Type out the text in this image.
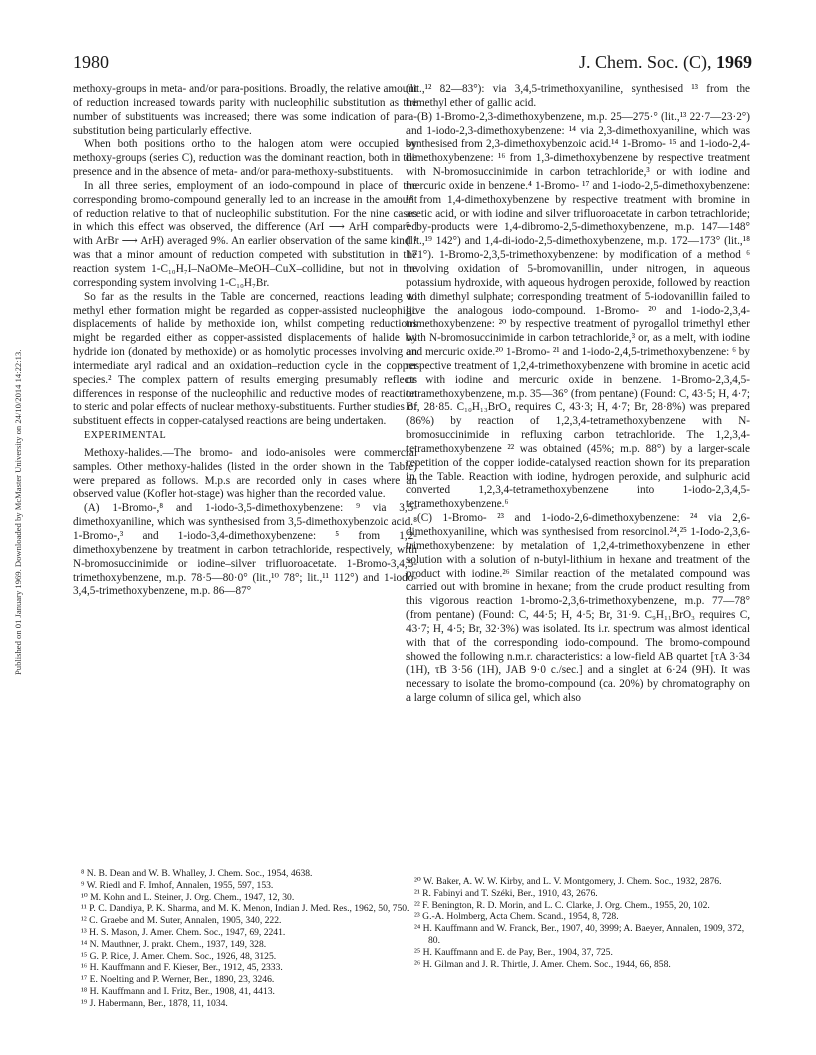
1980	J. Chem. Soc. (C), 1969
Published on 01 January 1969. Downloaded by McMaster University on 24/10/2014 14:22:13.

methoxy-groups in meta- and/or para-positions. Broadly, the relative amount of reduction increased towards parity with nucleophilic substitution as the number of substituents was increased; there was some indication of para-substitution being particularly effective.

When both positions ortho to the halogen atom were occupied by methoxy-groups (series C), reduction was the dominant reaction, both in the presence and in the absence of meta- and/or para-methoxy-substituents.

In all three series, employment of an iodo-compound in place of the corresponding bromo-compound generally led to an increase in the amount of reduction relative to that of nucleophilic substitution. For the nine cases in which this effect was observed, the difference (ArI ⟶ ArH compared with ArBr ⟶ ArH) averaged 9%. An earlier observation of the same kind ¹ was that a minor amount of reduction competed with substitution in the reaction system 1-C₁₀H₇I–NaOMe–MeOH–CuX–collidine, but not in the corresponding system involving 1-C₁₀H₇Br.

So far as the results in the Table are concerned, reactions leading to methyl ether formation might be regarded as copper-assisted nucleophilic displacements of halide by methoxide ion, whilst competing reductions might be regarded either as copper-assisted displacements of halide by hydride ion (donated by methoxide) or as homolytic processes involving an intermediate aryl radical and an oxidation–reduction cycle in the copper species.² The complex pattern of results emerging presumably reflects differences in response of the nucleophilic and reductive modes of reaction to steric and polar effects of nuclear methoxy-substituents. Further studies of substituent effects in copper-catalysed reactions are being undertaken.

EXPERIMENTAL

Methoxy-halides.—The bromo- and iodo-anisoles were commercial samples. Other methoxy-halides (listed in the order shown in the Table) were prepared as follows. M.p.s are recorded only in cases where an observed value (Kofler hot-stage) was higher than the recorded value.

(A) 1-Bromo-,⁸ and 1-iodo-3,5-dimethoxybenzene: ⁹ via 3,5-dimethoxyaniline, which was synthesised from 3,5-dimethoxybenzoic acid.⁸ 1-Bromo-,³ and 1-iodo-3,4-dimethoxybenzene: ⁵ from 1,2-dimethoxybenzene by treatment in carbon tetrachloride, respectively, with N-bromosuccinimide or iodine–silver trifluoroacetate. 1-Bromo-3,4,5-trimethoxybenzene, m.p. 78·5—80·0° (lit.,¹⁰ 78°; lit.,¹¹ 112°) and 1-iodo-3,4,5-trimethoxybenzene, m.p. 86—87°

⁸ N. B. Dean and W. B. Whalley, J. Chem. Soc., 1954, 4638.
⁹ W. Riedl and F. Imhof, Annalen, 1955, 597, 153.
¹⁰ M. Kohn and L. Steiner, J. Org. Chem., 1947, 12, 30.
¹¹ P. C. Dandiya, P. K. Sharma, and M. K. Menon, Indian J. Med. Res., 1962, 50, 750.
¹² C. Graebe and M. Suter, Annalen, 1905, 340, 222.
¹³ H. S. Mason, J. Amer. Chem. Soc., 1947, 69, 2241.
¹⁴ N. Mauthner, J. prakt. Chem., 1937, 149, 328.
¹⁵ G. P. Rice, J. Amer. Chem. Soc., 1926, 48, 3125.
¹⁶ H. Kauffmann and F. Kieser, Ber., 1912, 45, 2333.
¹⁷ E. Noelting and P. Werner, Ber., 1890, 23, 3246.
¹⁸ H. Kauffmann and I. Fritz, Ber., 1908, 41, 4413.
¹⁹ J. Habermann, Ber., 1878, 11, 1034.

(lit.,¹² 82—83°): via 3,4,5-trimethoxyaniline, synthesised ¹³ from the trimethyl ether of gallic acid.

(B) 1-Bromo-2,3-dimethoxybenzene, m.p. 25—275·° (lit.,¹³ 22·7—23·2°) and 1-iodo-2,3-dimethoxybenzene: ¹⁴ via 2,3-dimethoxyaniline, which was synthesised from 2,3-dimethoxybenzoic acid.¹⁴ 1-Bromo- ¹⁵ and 1-iodo-2,4-dimethoxybenzene: ¹⁶ from 1,3-dimethoxybenzene by respective treatment with N-bromosuccinimide in carbon tetrachloride,³ or with iodine and mercuric oxide in benzene.⁴ 1-Bromo- ¹⁷ and 1-iodo-2,5-dimethoxybenzene: ¹⁸ from 1,4-dimethoxybenzene by respective treatment with bromine in acetic acid, or with iodine and silver trifluoroacetate in carbon tetrachloride; ⁵ by-products were 1,4-dibromo-2,5-dimethoxybenzene, m.p. 147—148° (lit.,¹⁹ 142°) and 1,4-di-iodo-2,5-dimethoxybenzene, m.p. 172—173° (lit.,¹⁸ 171°). 1-Bromo-2,3,5-trimethoxybenzene: by modification of a method ⁶ involving oxidation of 5-bromovanillin, under nitrogen, in aqueous potassium hydroxide, with aqueous hydrogen peroxide, followed by reaction with dimethyl sulphate; corresponding treatment of 5-iodovanillin failed to give the analogous iodo-compound. 1-Bromo- ²⁰ and 1-iodo-2,3,4-trimethoxybenzene: ²⁰ by respective treatment of pyrogallol trimethyl ether with N-bromosuccinimide in carbon tetrachloride,³ or, as a melt, with iodine and mercuric oxide.²⁰ 1-Bromo- ²¹ and 1-iodo-2,4,5-trimethoxybenzene: ⁶ by respective treatment of 1,2,4-trimethoxybenzene with bromine in acetic acid or with iodine and mercuric oxide in benzene. 1-Bromo-2,3,4,5-tetramethoxybenzene, m.p. 35—36° (from pentane) (Found: C, 43·5; H, 4·7; Br, 28·85. C₁₀H₁₃BrO₄ requires C, 43·3; H, 4·7; Br, 28·8%) was prepared (86%) by reaction of 1,2,3,4-tetramethoxybenzene with N-bromosuccinimide in refluxing carbon tetrachloride. The 1,2,3,4-tetramethoxybenzene ²² was obtained (45%; m.p. 88°) by a larger-scale repetition of the copper iodide-catalysed reaction shown for its preparation in the Table. Reaction with iodine, hydrogen peroxide, and sulphuric acid converted 1,2,3,4-tetramethoxybenzene into 1-iodo-2,3,4,5-tetramethoxybenzene.⁶

(C) 1-Bromo- ²³ and 1-iodo-2,6-dimethoxybenzene: ²⁴ via 2,6-dimethoxyaniline, which was synthesised from resorcinol.²⁴,²⁵ 1-Iodo-2,3,6-trimethoxybenzene: by metalation of 1,2,4-trimethoxybenzene in ether solution with a solution of n-butyl-lithium in hexane and treatment of the product with iodine.²⁶ Similar reaction of the metalated compound was carried out with bromine in hexane; from the crude product resulting from this vigorous reaction 1-bromo-2,3,6-trimethoxybenzene, m.p. 77—78° (from pentane) (Found: C, 44·5; H, 4·5; Br, 31·9. C₉H₁₁BrO₃ requires C, 43·7; H, 4·5; Br, 32·3%) was isolated. Its i.r. spectrum was almost identical with that of the corresponding iodo-compound. The bromo-compound showed the following n.m.r. characteristics: a low-field AB quartet [τA 3·34 (1H), τB 3·56 (1H), JAB 9·0 c./sec.] and a singlet at 6·24 (9H). It was necessary to isolate the bromo-compound (ca. 20%) by chromatography on a large column of silica gel, which also

²⁰ W. Baker, A. W. W. Kirby, and L. V. Montgomery, J. Chem. Soc., 1932, 2876.
²¹ R. Fabinyi and T. Széki, Ber., 1910, 43, 2676.
²² F. Benington, R. D. Morin, and L. C. Clarke, J. Org. Chem., 1955, 20, 102.
²³ G.-A. Holmberg, Acta Chem. Scand., 1954, 8, 728.
²⁴ H. Kauffmann and W. Franck, Ber., 1907, 40, 3999; A. Baeyer, Annalen, 1909, 372, 80.
²⁵ H. Kauffmann and E. de Pay, Ber., 1904, 37, 725.
²⁶ H. Gilman and J. R. Thirtle, J. Amer. Chem. Soc., 1944, 66, 858.
